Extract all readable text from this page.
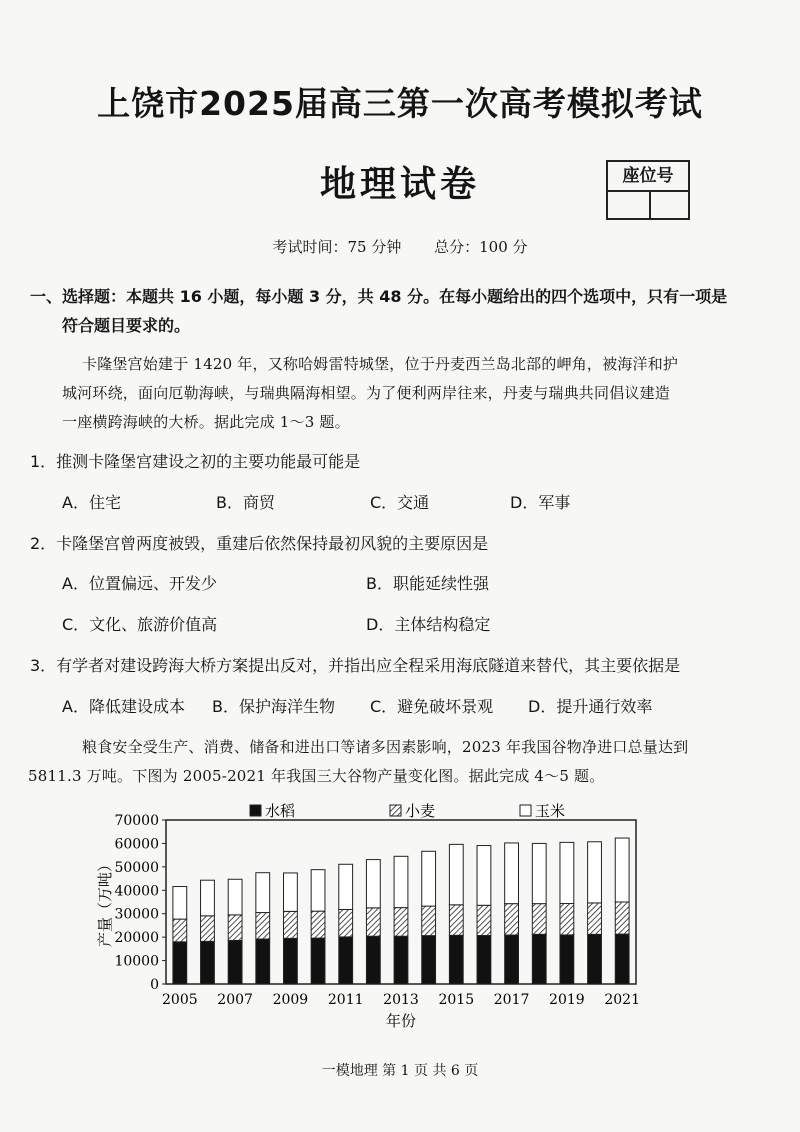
上饶市2025届高三第一次高考模拟考试
地理试卷	座位号
考试时间：75 分钟 总分：100 分
一、选择题：本题共 16 小题，每小题 3 分，共 48 分。在每小题给出的四个选项中，只有一项是
符合题目要求的。
卡隆堡宫始建于 1420 年，又称哈姆雷特城堡，位于丹麦西兰岛北部的岬角，被海洋和护
城河环绕，面向厄勒海峡，与瑞典隔海相望。为了便利两岸往来，丹麦与瑞典共同倡议建造
一座横跨海峡的大桥。据此完成 1～3 题。
1．推测卡隆堡宫建设之初的主要功能最可能是
A．住宅	B．商贸	C．交通	D．军事
2．卡隆堡宫曾两度被毁，重建后依然保持最初风貌的主要原因是
A．位置偏远、开发少	B．职能延续性强
C．文化、旅游价值高	D．主体结构稳定
3．有学者对建设跨海大桥方案提出反对，并指出应全程采用海底隧道来替代，其主要依据是
A．降低建设成本 B．保护海洋生物 C．避免破坏景观 D．提升通行效率
粮食安全受生产、消费、储备和进出口等诸多因素影响，2023 年我国谷物净进口总量达到
5811.3 万吨。下图为 2005-2021 年我国三大谷物产量变化图。据此完成 4～5 题。
0
10000
20000
30000
40000
50000
60000
70000
2005 2007 2009 2011 2013 2015 2017 2019 2021
年份
产量（万吨）
水稻	小麦	玉米
一模地理 第 1 页 共 6 页
